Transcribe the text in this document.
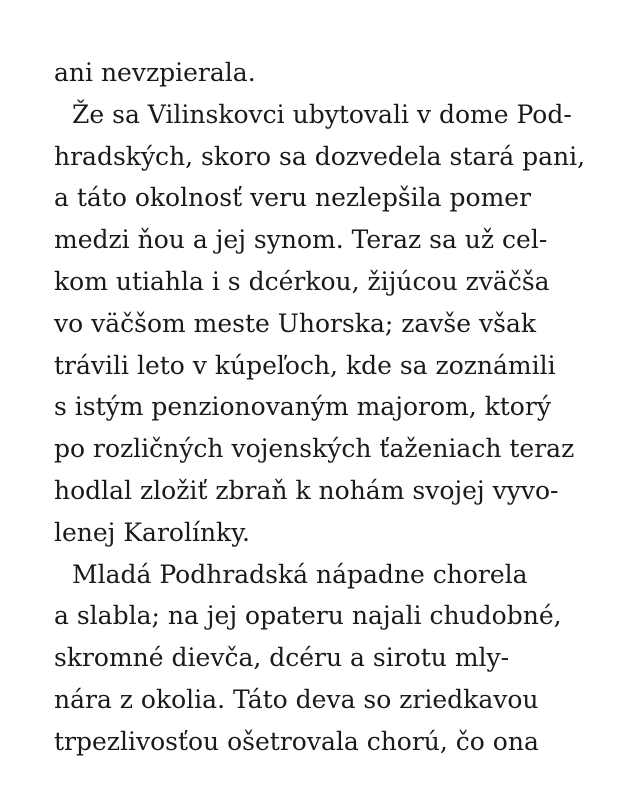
ani nevzpierala.
Že sa Vilinskovci ubytovali v dome Pod-
hradských, skoro sa dozvedela stará pani,
a táto okolnosť veru nezlepšila pomer
medzi ňou a jej synom. Teraz sa už cel-
kom utiahla i s dcérkou, žijúcou zväčša
vo väčšom meste Uhorska; zavše však
trávili leto v kúpeľoch, kde sa zoznámili
s istým penzionovaným majorom, ktorý
po rozličných vojenských ťaženiach teraz
hodlal zložiť zbraň k nohám svojej vyvo-
lenej Karolínky.
Mladá Podhradská nápadne chorela
a slabla; na jej opateru najali chudobné,
skromné dievča, dcéru a sirotu mly-
nára z okolia. Táto deva so zriedkavou
trpezlivosťou ošetrovala chorú, čo ona
